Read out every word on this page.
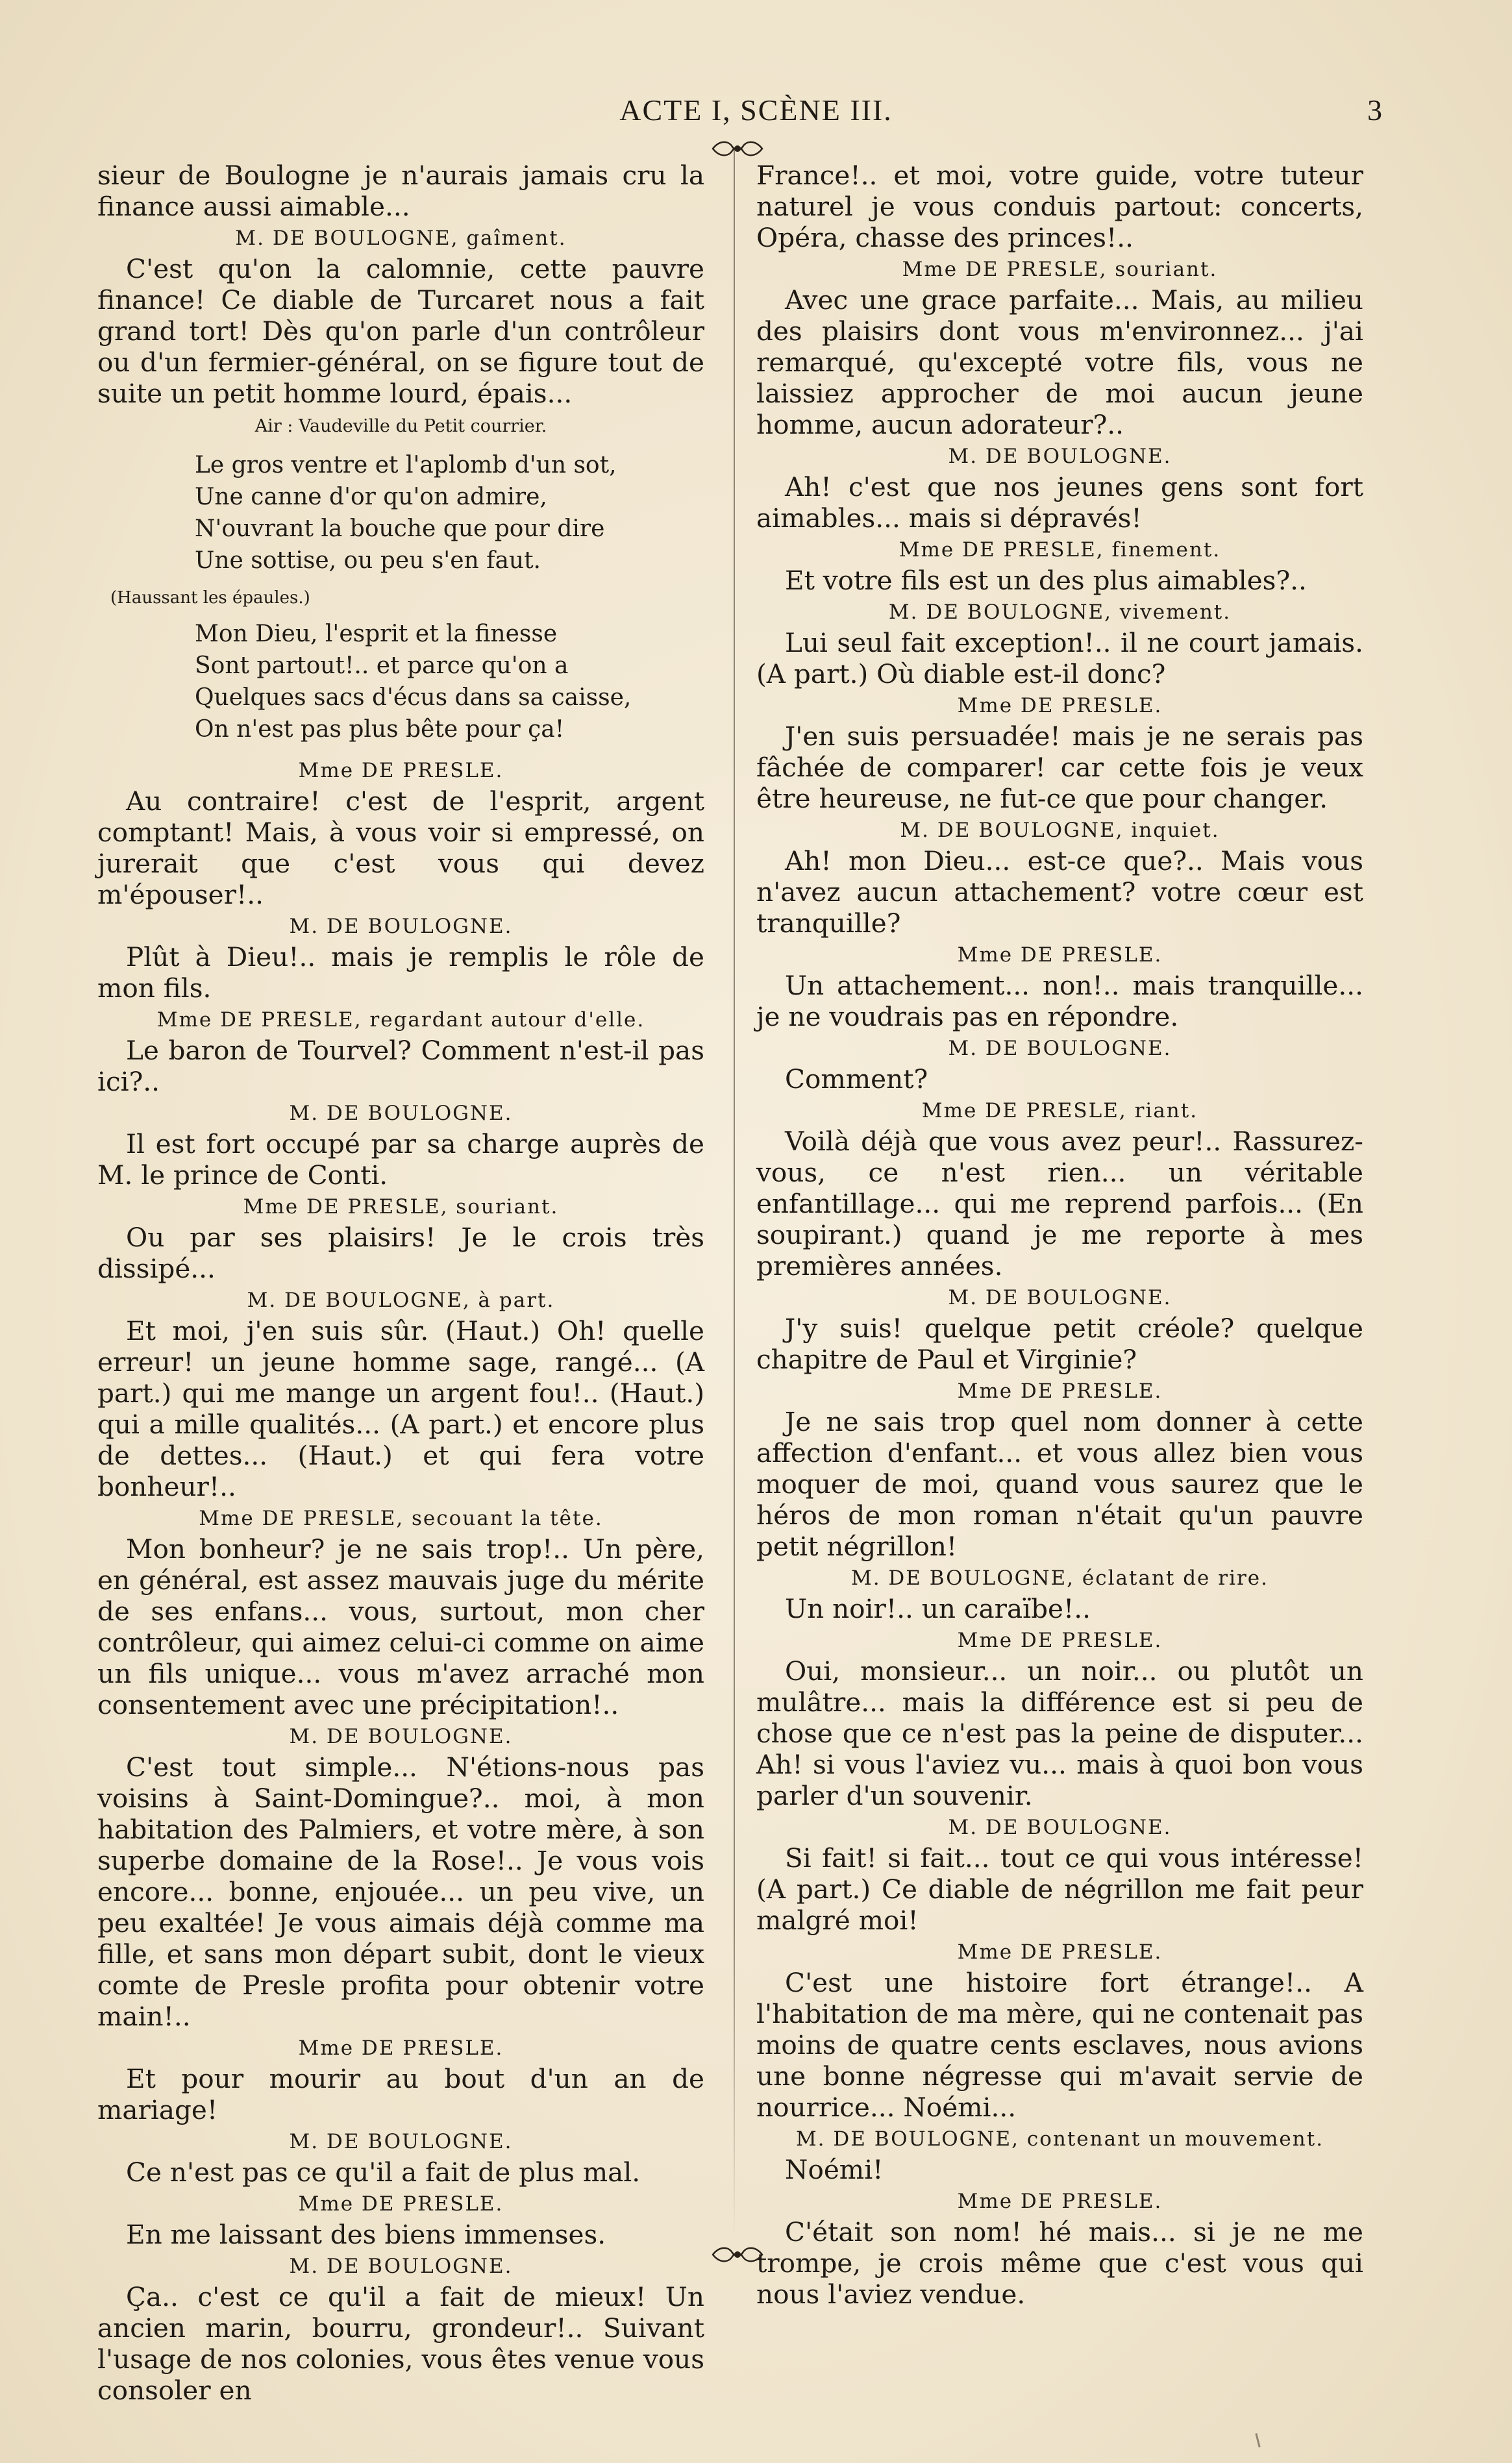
ACTE I, SCÈNE III.	3
sieur de Boulogne je n'aurais jamais cru la finance aussi aimable...
M. DE BOULOGNE, gaîment.
C'est qu'on la calomnie, cette pauvre finance! Ce diable de Turcaret nous a fait grand tort! Dès qu'on parle d'un contrôleur ou d'un fermier-général, on se figure tout de suite un petit homme lourd, épais...
Air : Vaudeville du Petit courrier.
Le gros ventre et l'aplomb d'un sot,
Une canne d'or qu'on admire,
N'ouvrant la bouche que pour dire
Une sottise, ou peu s'en faut.
(Haussant les épaules.)
Mon Dieu, l'esprit et la finesse
Sont partout!.. et parce qu'on a
Quelques sacs d'écus dans sa caisse,
On n'est pas plus bête pour ça!
Mme DE PRESLE.
Au contraire! c'est de l'esprit, argent comptant! Mais, à vous voir si empressé, on jurerait que c'est vous qui devez m'épouser!..
M. DE BOULOGNE.
Plût à Dieu!.. mais je remplis le rôle de mon fils.
Mme DE PRESLE, regardant autour d'elle.
Le baron de Tourvel? Comment n'est-il pas ici?..
M. DE BOULOGNE.
Il est fort occupé par sa charge auprès de M. le prince de Conti.
Mme DE PRESLE, souriant.
Ou par ses plaisirs! Je le crois très dissipé...
M. DE BOULOGNE, à part.
Et moi, j'en suis sûr. (Haut.) Oh! quelle erreur! un jeune homme sage, rangé... (A part.) qui me mange un argent fou!.. (Haut.) qui a mille qualités... (A part.) et encore plus de dettes... (Haut.) et qui fera votre bonheur!..
Mme DE PRESLE, secouant la tête.
Mon bonheur? je ne sais trop!.. Un père, en général, est assez mauvais juge du mérite de ses enfans... vous, surtout, mon cher contrôleur, qui aimez celui-ci comme on aime un fils unique... vous m'avez arraché mon consentement avec une précipitation!..
M. DE BOULOGNE.
C'est tout simple... N'étions-nous pas voisins à Saint-Domingue?.. moi, à mon habitation des Palmiers, et votre mère, à son superbe domaine de la Rose!.. Je vous vois encore... bonne, enjouée... un peu vive, un peu exaltée! Je vous aimais déjà comme ma fille, et sans mon départ subit, dont le vieux comte de Presle profita pour obtenir votre main!..
Mme DE PRESLE.
Et pour mourir au bout d'un an de mariage!
M. DE BOULOGNE.
Ce n'est pas ce qu'il a fait de plus mal.
Mme DE PRESLE.
En me laissant des biens immenses.
M. DE BOULOGNE.
Ça.. c'est ce qu'il a fait de mieux! Un ancien marin, bourru, grondeur!.. Suivant l'usage de nos colonies, vous êtes venue vous consoler en
France!.. et moi, votre guide, votre tuteur naturel je vous conduis partout: concerts, Opéra, chasse des princes!..
Mme DE PRESLE, souriant.
Avec une grace parfaite... Mais, au milieu des plaisirs dont vous m'environnez... j'ai remarqué, qu'excepté votre fils, vous ne laissiez approcher de moi aucun jeune homme, aucun adorateur?..
M. DE BOULOGNE.
Ah! c'est que nos jeunes gens sont fort aimables... mais si dépravés!
Mme DE PRESLE, finement.
Et votre fils est un des plus aimables?..
M. DE BOULOGNE, vivement.
Lui seul fait exception!.. il ne court jamais. (A part.) Où diable est-il donc?
Mme DE PRESLE.
J'en suis persuadée! mais je ne serais pas fâchée de comparer! car cette fois je veux être heureuse, ne fut-ce que pour changer.
M. DE BOULOGNE, inquiet.
Ah! mon Dieu... est-ce que?.. Mais vous n'avez aucun attachement? votre cœur est tranquille?
Mme DE PRESLE.
Un attachement... non!.. mais tranquille... je ne voudrais pas en répondre.
M. DE BOULOGNE.
Comment?
Mme DE PRESLE, riant.
Voilà déjà que vous avez peur!.. Rassurez-vous, ce n'est rien... un véritable enfantillage... qui me reprend parfois... (En soupirant.) quand je me reporte à mes premières années.
M. DE BOULOGNE.
J'y suis! quelque petit créole? quelque chapitre de Paul et Virginie?
Mme DE PRESLE.
Je ne sais trop quel nom donner à cette affection d'enfant... et vous allez bien vous moquer de moi, quand vous saurez que le héros de mon roman n'était qu'un pauvre petit négrillon!
M. DE BOULOGNE, éclatant de rire.
Un noir!.. un caraïbe!..
Mme DE PRESLE.
Oui, monsieur... un noir... ou plutôt un mulâtre... mais la différence est si peu de chose que ce n'est pas la peine de disputer... Ah! si vous l'aviez vu... mais à quoi bon vous parler d'un souvenir.
M. DE BOULOGNE.
Si fait! si fait... tout ce qui vous intéresse! (A part.) Ce diable de négrillon me fait peur malgré moi!
Mme DE PRESLE.
C'est une histoire fort étrange!.. A l'habitation de ma mère, qui ne contenait pas moins de quatre cents esclaves, nous avions une bonne négresse qui m'avait servie de nourrice... Noémi...
M. DE BOULOGNE, contenant un mouvement.
Noémi!
Mme DE PRESLE.
C'était son nom! hé mais... si je ne me trompe, je crois même que c'est vous qui nous l'aviez vendue.
